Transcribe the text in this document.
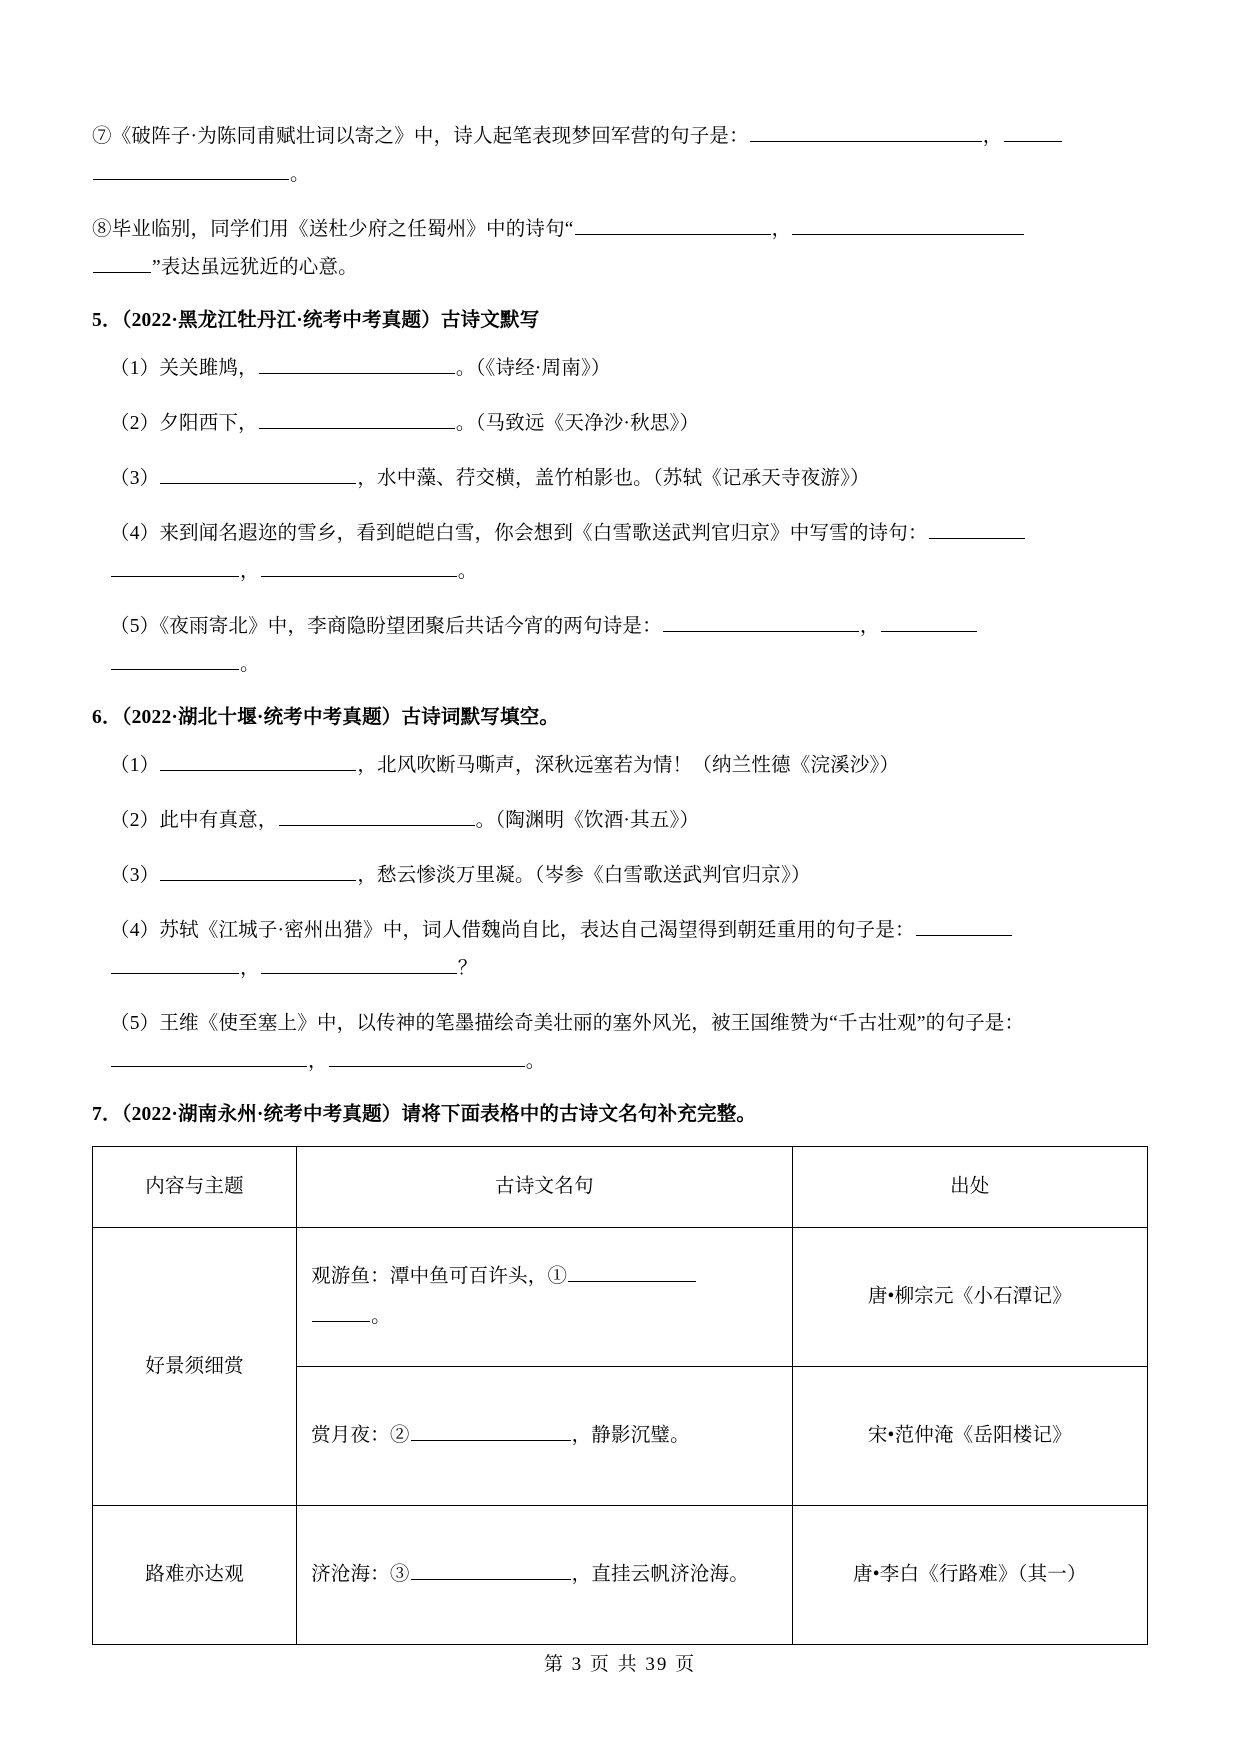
⑦《破阵子·为陈同甫赋壮词以寄之》中，诗人起笔表现梦回军营的句子是：	，
。

⑧毕业临别，同学们用《送杜少府之任蜀州》中的诗句“	，
”表达虽远犹近的心意。

5．（2022·黑龙江牡丹江·统考中考真题）古诗文默写

（1）关关雎鸠，	。（《诗经·周南》）

（2）夕阳西下，	。（马致远《天净沙·秋思》）

（3）	，水中藻、荇交横，盖竹柏影也。（苏轼《记承天寺夜游》）

（4）来到闻名遐迩的雪乡，看到皑皑白雪，你会想到《白雪歌送武判官归京》中写雪的诗句：
，	。

（5）《夜雨寄北》中，李商隐盼望团聚后共话今宵的两句诗是：	，
。

6．（2022·湖北十堰·统考中考真题）古诗词默写填空。

（1）	，北风吹断马嘶声，深秋远塞若为情！（纳兰性德《浣溪沙》）

（2）此中有真意，	。（陶渊明《饮酒·其五》）

（3）	，愁云惨淡万里凝。（岑参《白雪歌送武判官归京》）

（4）苏轼《江城子·密州出猎》中，词人借魏尚自比，表达自己渴望得到朝廷重用的句子是：
，	？

（5）王维《使至塞上》中，以传神的笔墨描绘奇美壮丽的塞外风光，被王国维赞为“千古壮观”的句子是：
，	。

7．（2022·湖南永州·统考中考真题）请将下面表格中的古诗文名句补充完整。

内容与主题	古诗文名句	出处
好景须细赏	观游鱼：潭中鱼可百许头，①
。	唐•柳宗元《小石潭记》
	赏月夜：② ，静影沉璧。	宋•范仲淹《岳阳楼记》
路难亦达观	济沧海：③ ，直挂云帆济沧海。	唐•李白《行路难》（其一）
第 3 页 共 39 页
